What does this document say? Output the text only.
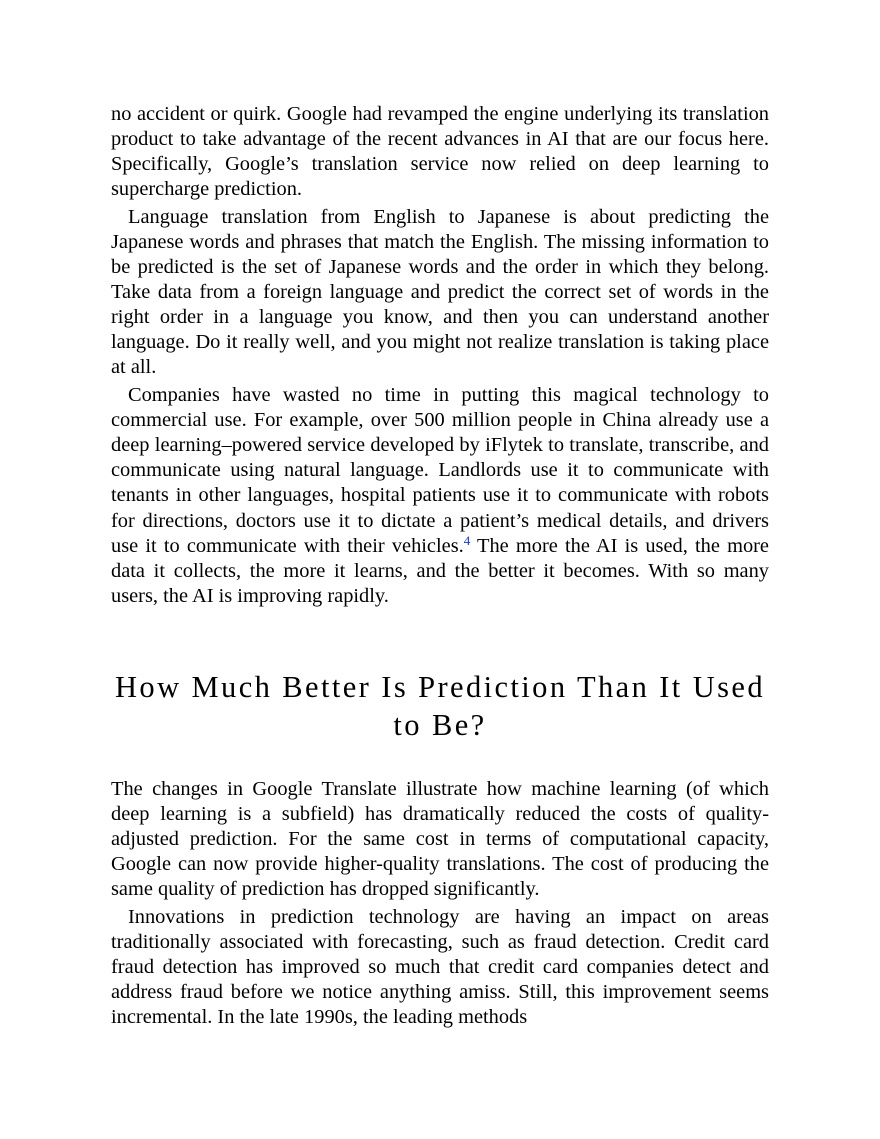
no accident or quirk. Google had revamped the engine underlying its translation product to take advantage of the recent advances in AI that are our focus here. Specifically, Google’s translation service now relied on deep learning to supercharge prediction.

Language translation from English to Japanese is about predicting the Japanese words and phrases that match the English. The missing information to be predicted is the set of Japanese words and the order in which they belong. Take data from a foreign language and predict the correct set of words in the right order in a language you know, and then you can understand another language. Do it really well, and you might not realize translation is taking place at all.

Companies have wasted no time in putting this magical technology to commercial use. For example, over 500 million people in China already use a deep learning–powered service developed by iFlytek to translate, transcribe, and communicate using natural language. Landlords use it to communicate with tenants in other languages, hospital patients use it to communicate with robots for directions, doctors use it to dictate a patient’s medical details, and drivers use it to communicate with their vehicles.$^4$ The more the AI is used, the more data it collects, the more it learns, and the better it becomes. With so many users, the AI is improving rapidly.

How Much Better Is Prediction Than It Used
to Be?

The changes in Google Translate illustrate how machine learning (of which deep learning is a subfield) has dramatically reduced the costs of quality-adjusted prediction. For the same cost in terms of computational capacity, Google can now provide higher-quality translations. The cost of producing the same quality of prediction has dropped significantly.

Innovations in prediction technology are having an impact on areas traditionally associated with forecasting, such as fraud detection. Credit card fraud detection has improved so much that credit card companies detect and address fraud before we notice anything amiss. Still, this improvement seems incremental. In the late 1990s, the leading methods
